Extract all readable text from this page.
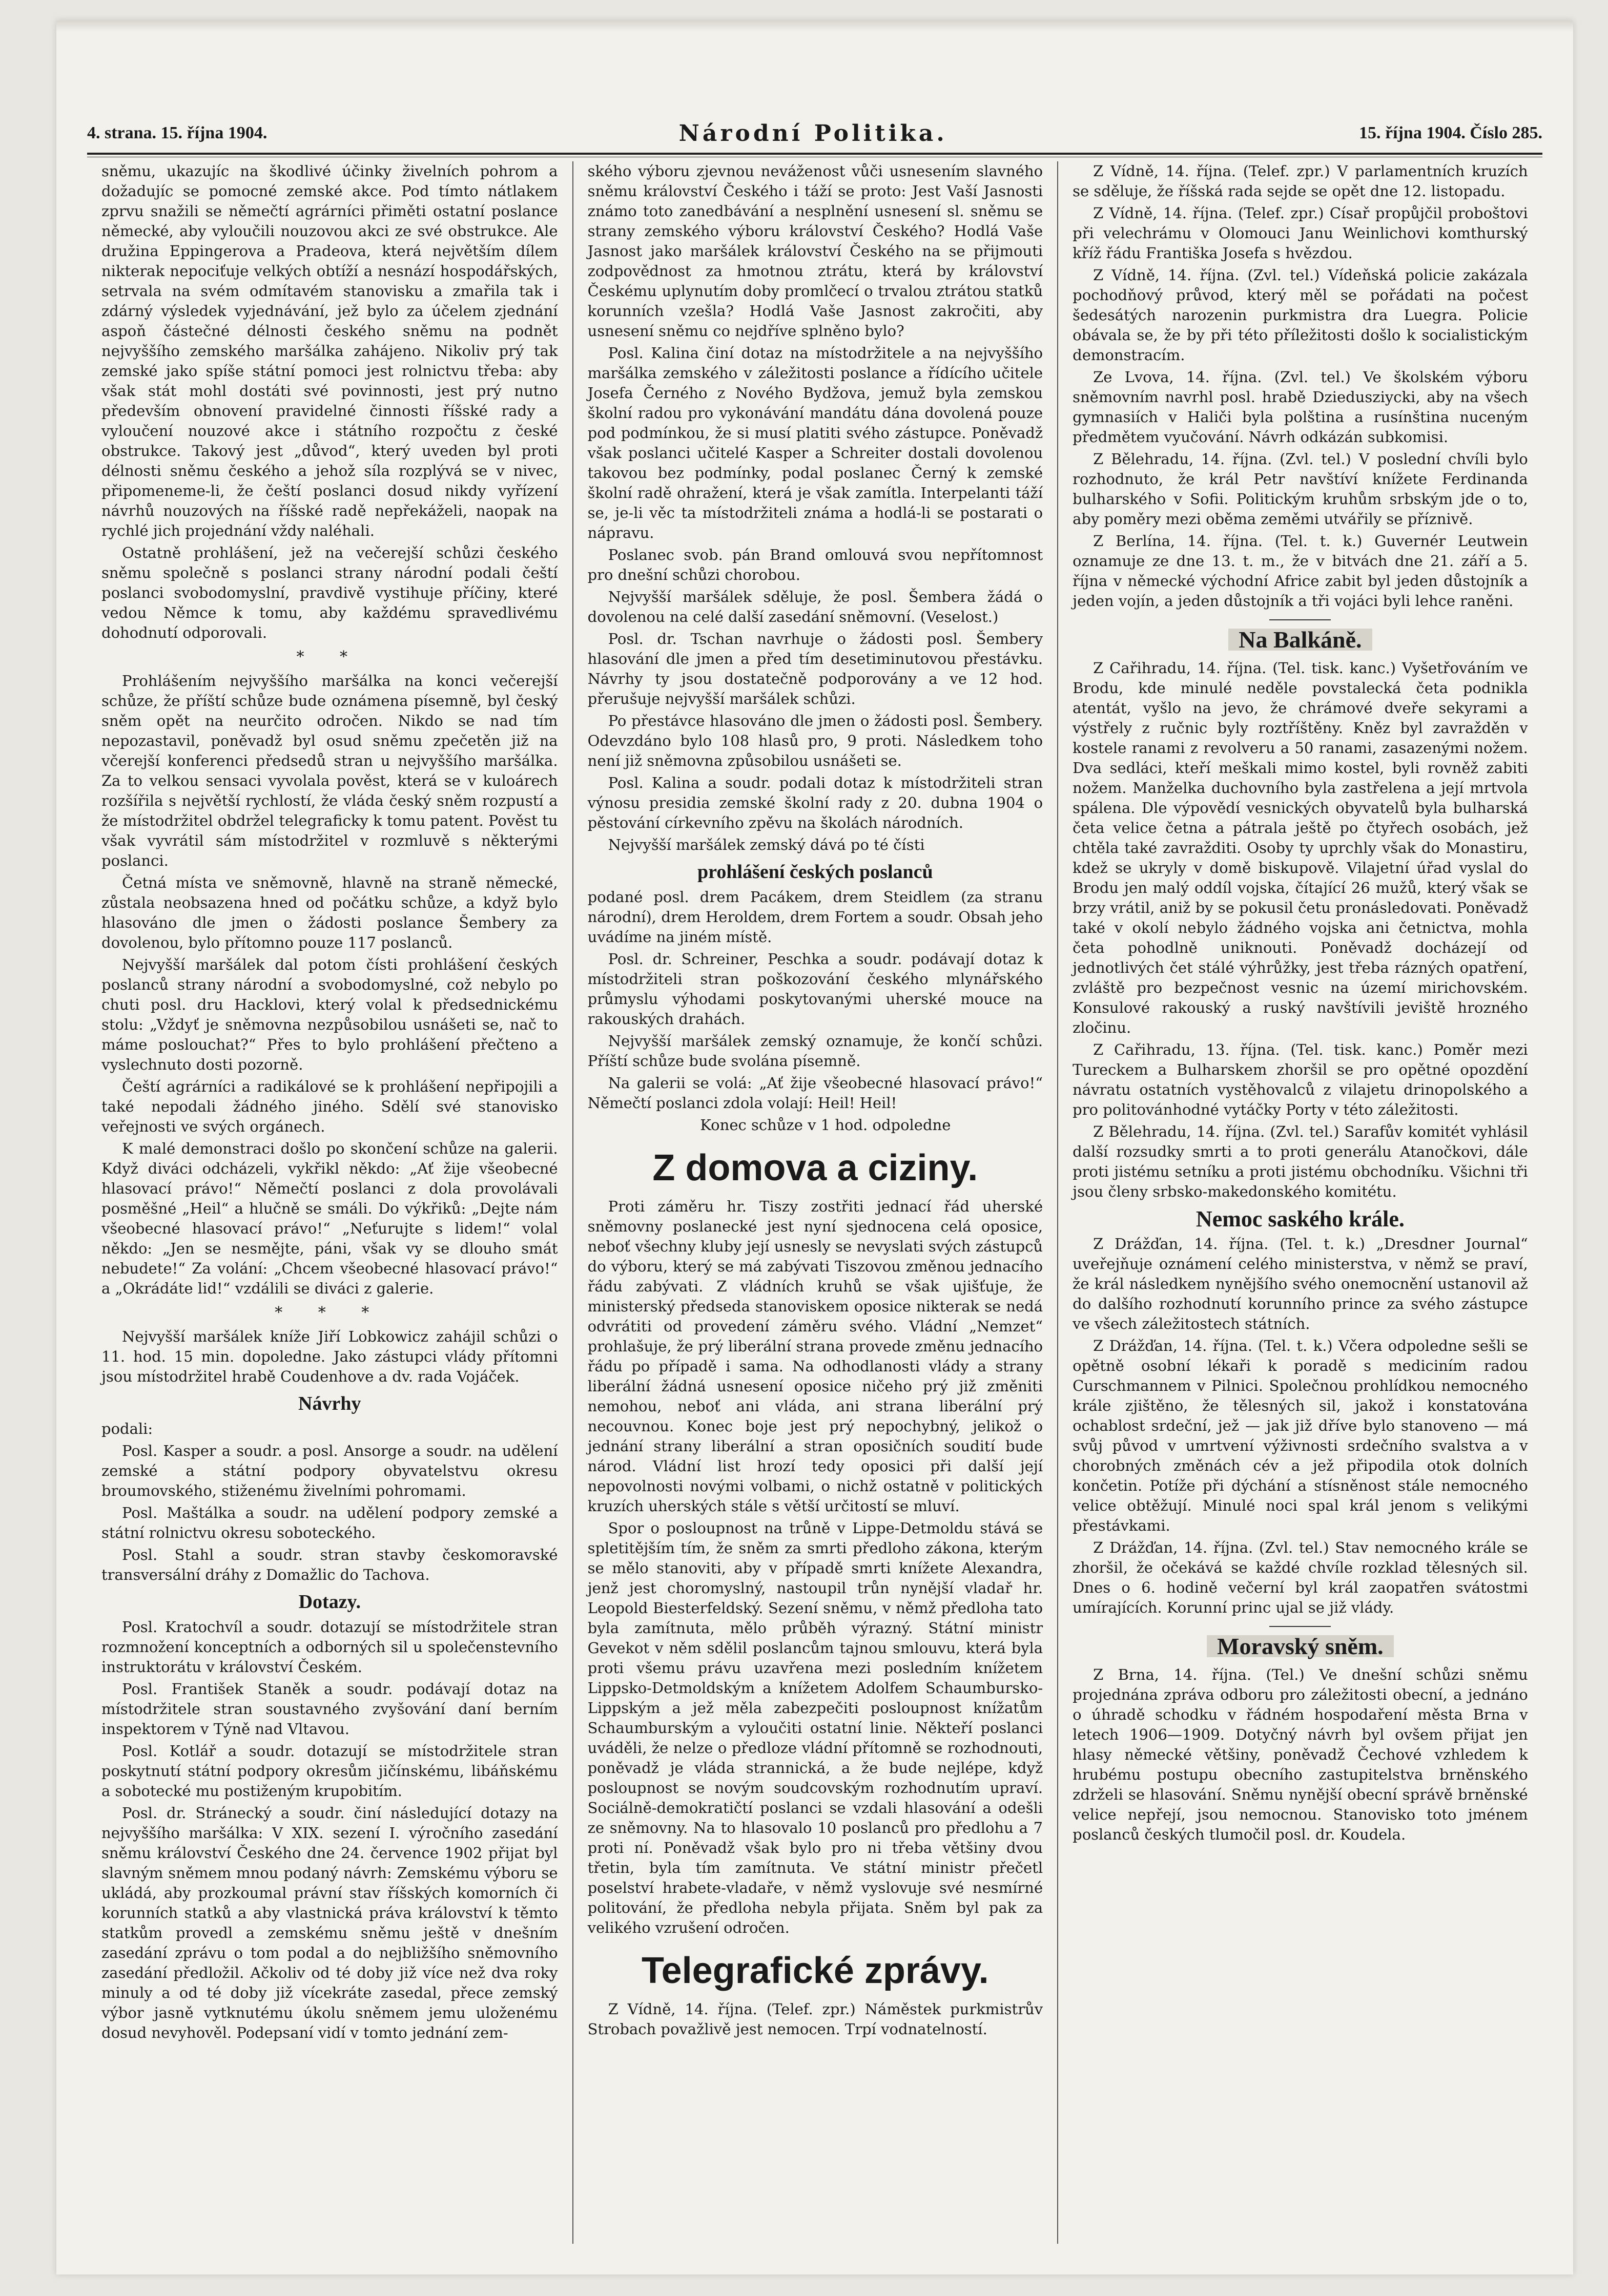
4. strana. 15. října 1904.	Národní Politika.	15. října 1904. Číslo 285.

sněmu, ukazujíc na škodlivé účinky živelních pohrom a dožadujíc se pomocné zemské akce. Pod tímto nátlakem zprvu snažili se němečtí agrárníci přiměti ostatní poslance německé, aby vyloučili nouzovou akci ze své obstrukce. Ale družina Eppingerova a Pradeova, která největším dílem nikterak nepociťuje velkých obtíží a nesnází hospodářských, setrvala na svém odmítavém stanovisku a zmařila tak i zdárný výsledek vyjednávání, jež bylo za účelem zjednání aspoň částečné délnosti českého sněmu na podnět nejvyššího zemského maršálka zahájeno. Nikoliv prý tak zemské jako spíše státní pomoci jest rolnictvu třeba: aby však stát mohl dostáti své povinnosti, jest prý nutno především obnovení pravidelné činnosti říšské rady a vyloučení nouzové akce i státního rozpočtu z české obstrukce. Takový jest „důvod“, který uveden byl proti délnosti sněmu českého a jehož síla rozplývá se v nivec, připomeneme-li, že čeští poslanci dosud nikdy vyřízení návrhů nouzových na říšské radě nepřekáželi, naopak na rychlé jich projednání vždy naléhali.

Ostatně prohlášení, jež na večerejší schůzi českého sněmu společně s poslanci strany národní podali čeští poslanci svobodomyslní, pravdivě vystihuje příčiny, které vedou Němce k tomu, aby každému spravedlivému dohodnutí odporovali.

* *

Prohlášením nejvyššího maršálka na konci večerejší schůze, že příští schůze bude oznámena písemně, byl český sněm opět na neurčito odročen. Nikdo se nad tím nepozastavil, poněvadž byl osud sněmu zpečetěn již na včerejší konferenci předsedů stran u nejvyššího maršálka. Za to velkou sensaci vyvolala pověst, která se v kuloárech rozšířila s největší rychlostí, že vláda český sněm rozpustí a že místodržitel obdržel telegraficky k tomu patent. Pověst tu však vyvrátil sám místodržitel v rozmluvě s některými poslanci.

Četná místa ve sněmovně, hlavně na straně německé, zůstala neobsazena hned od počátku schůze, a když bylo hlasováno dle jmen o žádosti poslance Šembery za dovolenou, bylo přítomno pouze 117 poslanců.

Nejvyšší maršálek dal potom čísti prohlášení českých poslanců strany národní a svobodomyslné, což nebylo po chuti posl. dru Hacklovi, který volal k předsednickému stolu: „Vždyť je sněmovna nezpůsobilou usnášeti se, nač to máme poslouchat?“ Přes to bylo prohlášení přečteno a vyslechnuto dosti pozorně.

Čeští agrárníci a radikálové se k prohlášení nepřipojili a také nepodali žádného jiného. Sdělí své stanovisko veřejnosti ve svých orgánech.

K malé demonstraci došlo po skončení schůze na galerii. Když diváci odcházeli, vykřikl někdo: „Ať žije všeobecné hlasovací právo!“ Němečtí poslanci z dola provolávali posměšné „Heil“ a hlučně se smáli. Do výkřiků: „Dejte nám všeobecné hlasovací právo!“ „Neťurujte s lidem!“ volal někdo: „Jen se nesmějte, páni, však vy se dlouho smát nebudete!“ Za volání: „Chcem všeobecné hlasovací právo!“ a „Okrádáte lid!“ vzdálili se diváci z galerie.

* * *

Nejvyšší maršálek kníže Jiří Lobkowicz zahájil schůzi o 11. hod. 15 min. dopoledne. Jako zástupci vlády přítomni jsou místodržitel hrabě Coudenhove a dv. rada Vojáček.

Návrhy

podali:

Posl. Kasper a soudr. a posl. Ansorge a soudr. na udělení zemské a státní podpory obyvatelstvu okresu broumovského, stiženému živelními pohromami.

Posl. Maštálka a soudr. na udělení podpory zemské a státní rolnictvu okresu soboteckého.

Posl. Stahl a soudr. stran stavby českomoravské transversální dráhy z Domažlic do Tachova.

Dotazy.

Posl. Kratochvíl a soudr. dotazují se místodržitele stran rozmnožení konceptních a odborných sil u společenstevního instruktorátu v království Českém.

Posl. František Staněk a soudr. podávají dotaz na místodržitele stran soustavného zvyšování daní berním inspektorem v Týně nad Vltavou.

Posl. Kotlář a soudr. dotazují se místodržitele stran poskytnutí státní podpory okresům jičínskému, libáňskému a sobotecké mu postiženým krupobitím.

Posl. dr. Stránecký a soudr. činí následující dotazy na nejvyššího maršálka: V XIX. sezení I. výročního zasedání sněmu království Českého dne 24. července 1902 přijat byl slavným sněmem mnou podaný návrh: Zemskému výboru se ukládá, aby prozkoumal právní stav říšských komorních či korunních statků a aby vlastnická práva království k těmto statkům provedl a zemskému sněmu ještě v dnešním zasedání zprávu o tom podal a do nejbližšího sněmovního zasedání předložil. Ačkoliv od té doby již více než dva roky minuly a od té doby již vícekráte zasedal, přece zemský výbor jasně vytknutému úkolu sněmem jemu uloženému dosud nevyhověl. Podepsaní vidí v tomto jednání zem-

ského výboru zjevnou neváženost vůči usnesením slavného sněmu království Českého i táží se proto: Jest Vaší Jasnosti známo toto zanedbávání a nesplnění usnesení sl. sněmu se strany zemského výboru království Českého? Hodlá Vaše Jasnost jako maršálek království Českého na se přijmouti zodpovědnost za hmotnou ztrátu, která by království Českému uplynutím doby promlčecí o trvalou ztrátou statků korunních vzešla? Hodlá Vaše Jasnost zakročiti, aby usnesení sněmu co nejdříve splněno bylo?

Posl. Kalina činí dotaz na místodržitele a na nejvyššího maršálka zemského v záležitosti poslance a řídícího učitele Josefa Černého z Nového Bydžova, jemuž byla zemskou školní radou pro vykonávání mandátu dána dovolená pouze pod podmínkou, že si musí platiti svého zástupce. Poněvadž však poslanci učitelé Kasper a Schreiter dostali dovolenou takovou bez podmínky, podal poslanec Černý k zemské školní radě ohražení, která je však zamítla. Interpelanti táží se, je-li věc ta místodržiteli známa a hodlá-li se postarati o nápravu.

Poslanec svob. pán Brand omlouvá svou nepřítomnost pro dnešní schůzi chorobou.

Nejvyšší maršálek sděluje, že posl. Šembera žádá o dovolenou na celé další zasedání sněmovní. (Veselost.)

Posl. dr. Tschan navrhuje o žádosti posl. Šembery hlasování dle jmen a před tím desetiminutovou přestávku. Návrhy ty jsou dostatečně podporovány a ve 12 hod. přerušuje nejvyšší maršálek schůzi.

Po přestávce hlasováno dle jmen o žádosti posl. Šembery. Odevzdáno bylo 108 hlasů pro, 9 proti. Následkem toho není již sněmovna způsobilou usnášeti se.

Posl. Kalina a soudr. podali dotaz k místodržiteli stran výnosu presidia zemské školní rady z 20. dubna 1904 o pěstování církevního zpěvu na školách národních.

Nejvyšší maršálek zemský dává po té čísti

prohlášení českých poslanců

podané posl. drem Pacákem, drem Steidlem (za stranu národní), drem Heroldem, drem Fortem a soudr. Obsah jeho uvádíme na jiném místě.

Posl. dr. Schreiner, Peschka a soudr. podávají dotaz k místodržiteli stran poškozování českého mlynářského průmyslu výhodami poskytovanými uherské mouce na rakouských drahách.

Nejvyšší maršálek zemský oznamuje, že končí schůzi. Příští schůze bude svolána písemně.

Na galerii se volá: „Ať žije všeobecné hlasovací právo!“ Němečtí poslanci zdola volají: Heil! Heil!

Konec schůze v 1 hod. odpoledne

Z domova a ciziny.

Proti záměru hr. Tiszy zostřiti jednací řád uherské sněmovny poslanecké jest nyní sjednocena celá oposice, neboť všechny kluby její usnesly se nevyslati svých zástupců do výboru, který se má zabývati Tiszovou změnou jednacího řádu zabývati. Z vládních kruhů se však ujišťuje, že ministerský předseda stanoviskem oposice nikterak se nedá odvrátiti od provedení záměru svého. Vládní „Nemzet“ prohlašuje, že prý liberální strana provede změnu jednacího řádu po případě i sama. Na odhodlanosti vlády a strany liberální žádná usnesení oposice ničeho prý již změniti nemohou, neboť ani vláda, ani strana liberální prý necouvnou. Konec boje jest prý nepochybný, jelikož o jednání strany liberální a stran oposičních soudití bude národ. Vládní list hrozí tedy oposici při další její nepovolnosti novými volbami, o nichž ostatně v politických kruzích uherských stále s větší určitostí se mluví.

Spor o posloupnost na trůně v Lippe-Detmoldu stává se spletitějším tím, že sněm za smrti předloho zákona, kterým se mělo stanoviti, aby v případě smrti knížete Alexandra, jenž jest choromyslný, nastoupil trůn nynější vladař hr. Leopold Biesterfeldský. Sezení sněmu, v němž předloha tato byla zamítnuta, mělo průběh výrazný. Státní ministr Gevekot v něm sdělil poslancům tajnou smlouvu, která byla proti všemu právu uzavřena mezi posledním knížetem Lippsko-Detmoldským a knížetem Adolfem Schaumbursko-Lippským a jež měla zabezpečiti posloupnost knížatům Schaumburským a vyloučiti ostatní linie. Někteří poslanci uváděli, že nelze o předloze vládní přítomně se rozhodnouti, poněvadž je vláda strannická, a že bude nejlépe, když posloupnost se novým soudcovským rozhodnutím upraví. Sociálně-demokratičtí poslanci se vzdali hlasování a odešli ze sněmovny. Na to hlasovalo 10 poslanců pro předlohu a 7 proti ní. Poněvadž však bylo pro ni třeba většiny dvou třetin, byla tím zamítnuta. Ve státní ministr přečetl poselství hrabete-vladaře, v němž vyslovuje své nesmírné politování, že předloha nebyla přijata. Sněm byl pak za velikého vzrušení odročen.

Telegrafické zprávy.

Z Vídně, 14. října. (Telef. zpr.) Náměstek purkmistrův Strobach považlivě jest nemocen. Trpí vodnatelností.

Z Vídně, 14. října. (Telef. zpr.) V parlamentních kruzích se sděluje, že říšská rada sejde se opět dne 12. listopadu.

Z Vídně, 14. října. (Telef. zpr.) Císař propůjčil proboštovi při velechrámu v Olomouci Janu Weinlichovi komthurský kříž řádu Františka Josefa s hvězdou.

Z Vídně, 14. října. (Zvl. tel.) Vídeňská policie zakázala pochodňový průvod, který měl se pořádati na počest šedesátých narozenin purkmistra dra Luegra. Policie obávala se, že by při této příležitosti došlo k socialistickým demonstracím.

Ze Lvova, 14. října. (Zvl. tel.) Ve školském výboru sněmovním navrhl posl. hrabě Dziedusziycki, aby na všech gymnasiích v Haliči byla polština a rusínština nuceným předmětem vyučování. Návrh odkázán subkomisi.

Z Bělehradu, 14. října. (Zvl. tel.) V poslední chvíli bylo rozhodnuto, že král Petr navštíví knížete Ferdinanda bulharského v Sofii. Politickým kruhům srbským jde o to, aby poměry mezi oběma zeměmi utvářily se příznivě.

Z Berlína, 14. října. (Tel. t. k.) Guvernér Leutwein oznamuje ze dne 13. t. m., že v bitvách dne 21. září a 5. října v německé východní Africe zabit byl jeden důstojník a jeden vojín, a jeden důstojník a tři vojáci byli lehce raněni.

Na Balkáně.

Z Cařihradu, 14. října. (Tel. tisk. kanc.) Vyšetřováním ve Brodu, kde minulé neděle povstalecká četa podnikla atentát, vyšlo na jevo, že chrámové dveře sekyrami a výstřely z ručnic byly roztříštěny. Kněz byl zavražděn v kostele ranami z revolveru a 50 ranami, zasazenými nožem. Dva sedláci, kteří meškali mimo kostel, byli rovněž zabiti nožem. Manželka duchovního byla zastřelena a její mrtvola spálena. Dle výpovědí vesnických obyvatelů byla bulharská četa velice četna a pátrala ještě po čtyřech osobách, jež chtěla také zavražditi. Osoby ty uprchly však do Monastiru, kdež se ukryly v domě biskupově. Vilajetní úřad vyslal do Brodu jen malý oddíl vojska, čítající 26 mužů, který však se brzy vrátil, aniž by se pokusil četu pronásledovati. Poněvadž také v okolí nebylo žádného vojska ani četnictva, mohla četa pohodlně uniknouti. Poněvadž docházejí od jednotlivých čet stálé výhrůžky, jest třeba rázných opatření, zvláště pro bezpečnost vesnic na území mirichovském. Konsulové rakouský a ruský navštívili jeviště hrozného zločinu.

Z Cařihradu, 13. října. (Tel. tisk. kanc.) Poměr mezi Tureckem a Bulharskem zhoršil se pro opětné opozdění návratu ostatních vystěhovalců z vilajetu drinopolského a pro politovánhodné vytáčky Porty v této záležitosti.

Z Bělehradu, 14. října. (Zvl. tel.) Sarafův komitét vyhlásil další rozsudky smrti a to proti generálu Atanočkovi, dále proti jistému setníku a proti jistému obchodníku. Všichni tři jsou členy srbsko-makedonského komitétu.

Nemoc saského krále.

Z Drážďan, 14. října. (Tel. t. k.) „Dresdner Journal“ uveřejňuje oznámení celého ministerstva, v němž se praví, že král následkem nynějšího svého onemocnění ustanovil až do dalšího rozhodnutí korunního prince za svého zástupce ve všech záležitostech státních.

Z Drážďan, 14. října. (Tel. t. k.) Včera odpoledne sešli se opětně osobní lékaři k poradě s mediciním radou Curschmannem v Pilnici. Společnou prohlídkou nemocného krále zjištěno, že tělesných sil, jakož i konstatována ochablost srdeční, jež — jak již dříve bylo stanoveno — má svůj původ v umrtvení výživnosti srdečního svalstva a v chorobných změnách cév a jež připodila otok dolních končetin. Potíže při dýchání a stísněnost stále nemocného velice obtěžují. Minulé noci spal král jenom s velikými přestávkami.

Z Drážďan, 14. října. (Zvl. tel.) Stav nemocného krále se zhoršil, že očekává se každé chvíle rozklad tělesných sil. Dnes o 6. hodině večerní byl král zaopatřen svátostmi umírajících. Korunní princ ujal se již vlády.

Moravský sněm.

Z Brna, 14. října. (Tel.) Ve dnešní schůzi sněmu projednána zpráva odboru pro záležitosti obecní, a jednáno o úhradě schodku v řádném hospodaření města Brna v letech 1906—1909. Dotyčný návrh byl ovšem přijat jen hlasy německé většiny, poněvadž Čechové vzhledem k hrubému postupu obecního zastupitelstva brněnského zdrželi se hlasování. Sněmu nynější obecní správě brněnské velice nepřejí, jsou nemocnou. Stanovisko toto jménem poslanců českých tlumočil posl. dr. Koudela.
